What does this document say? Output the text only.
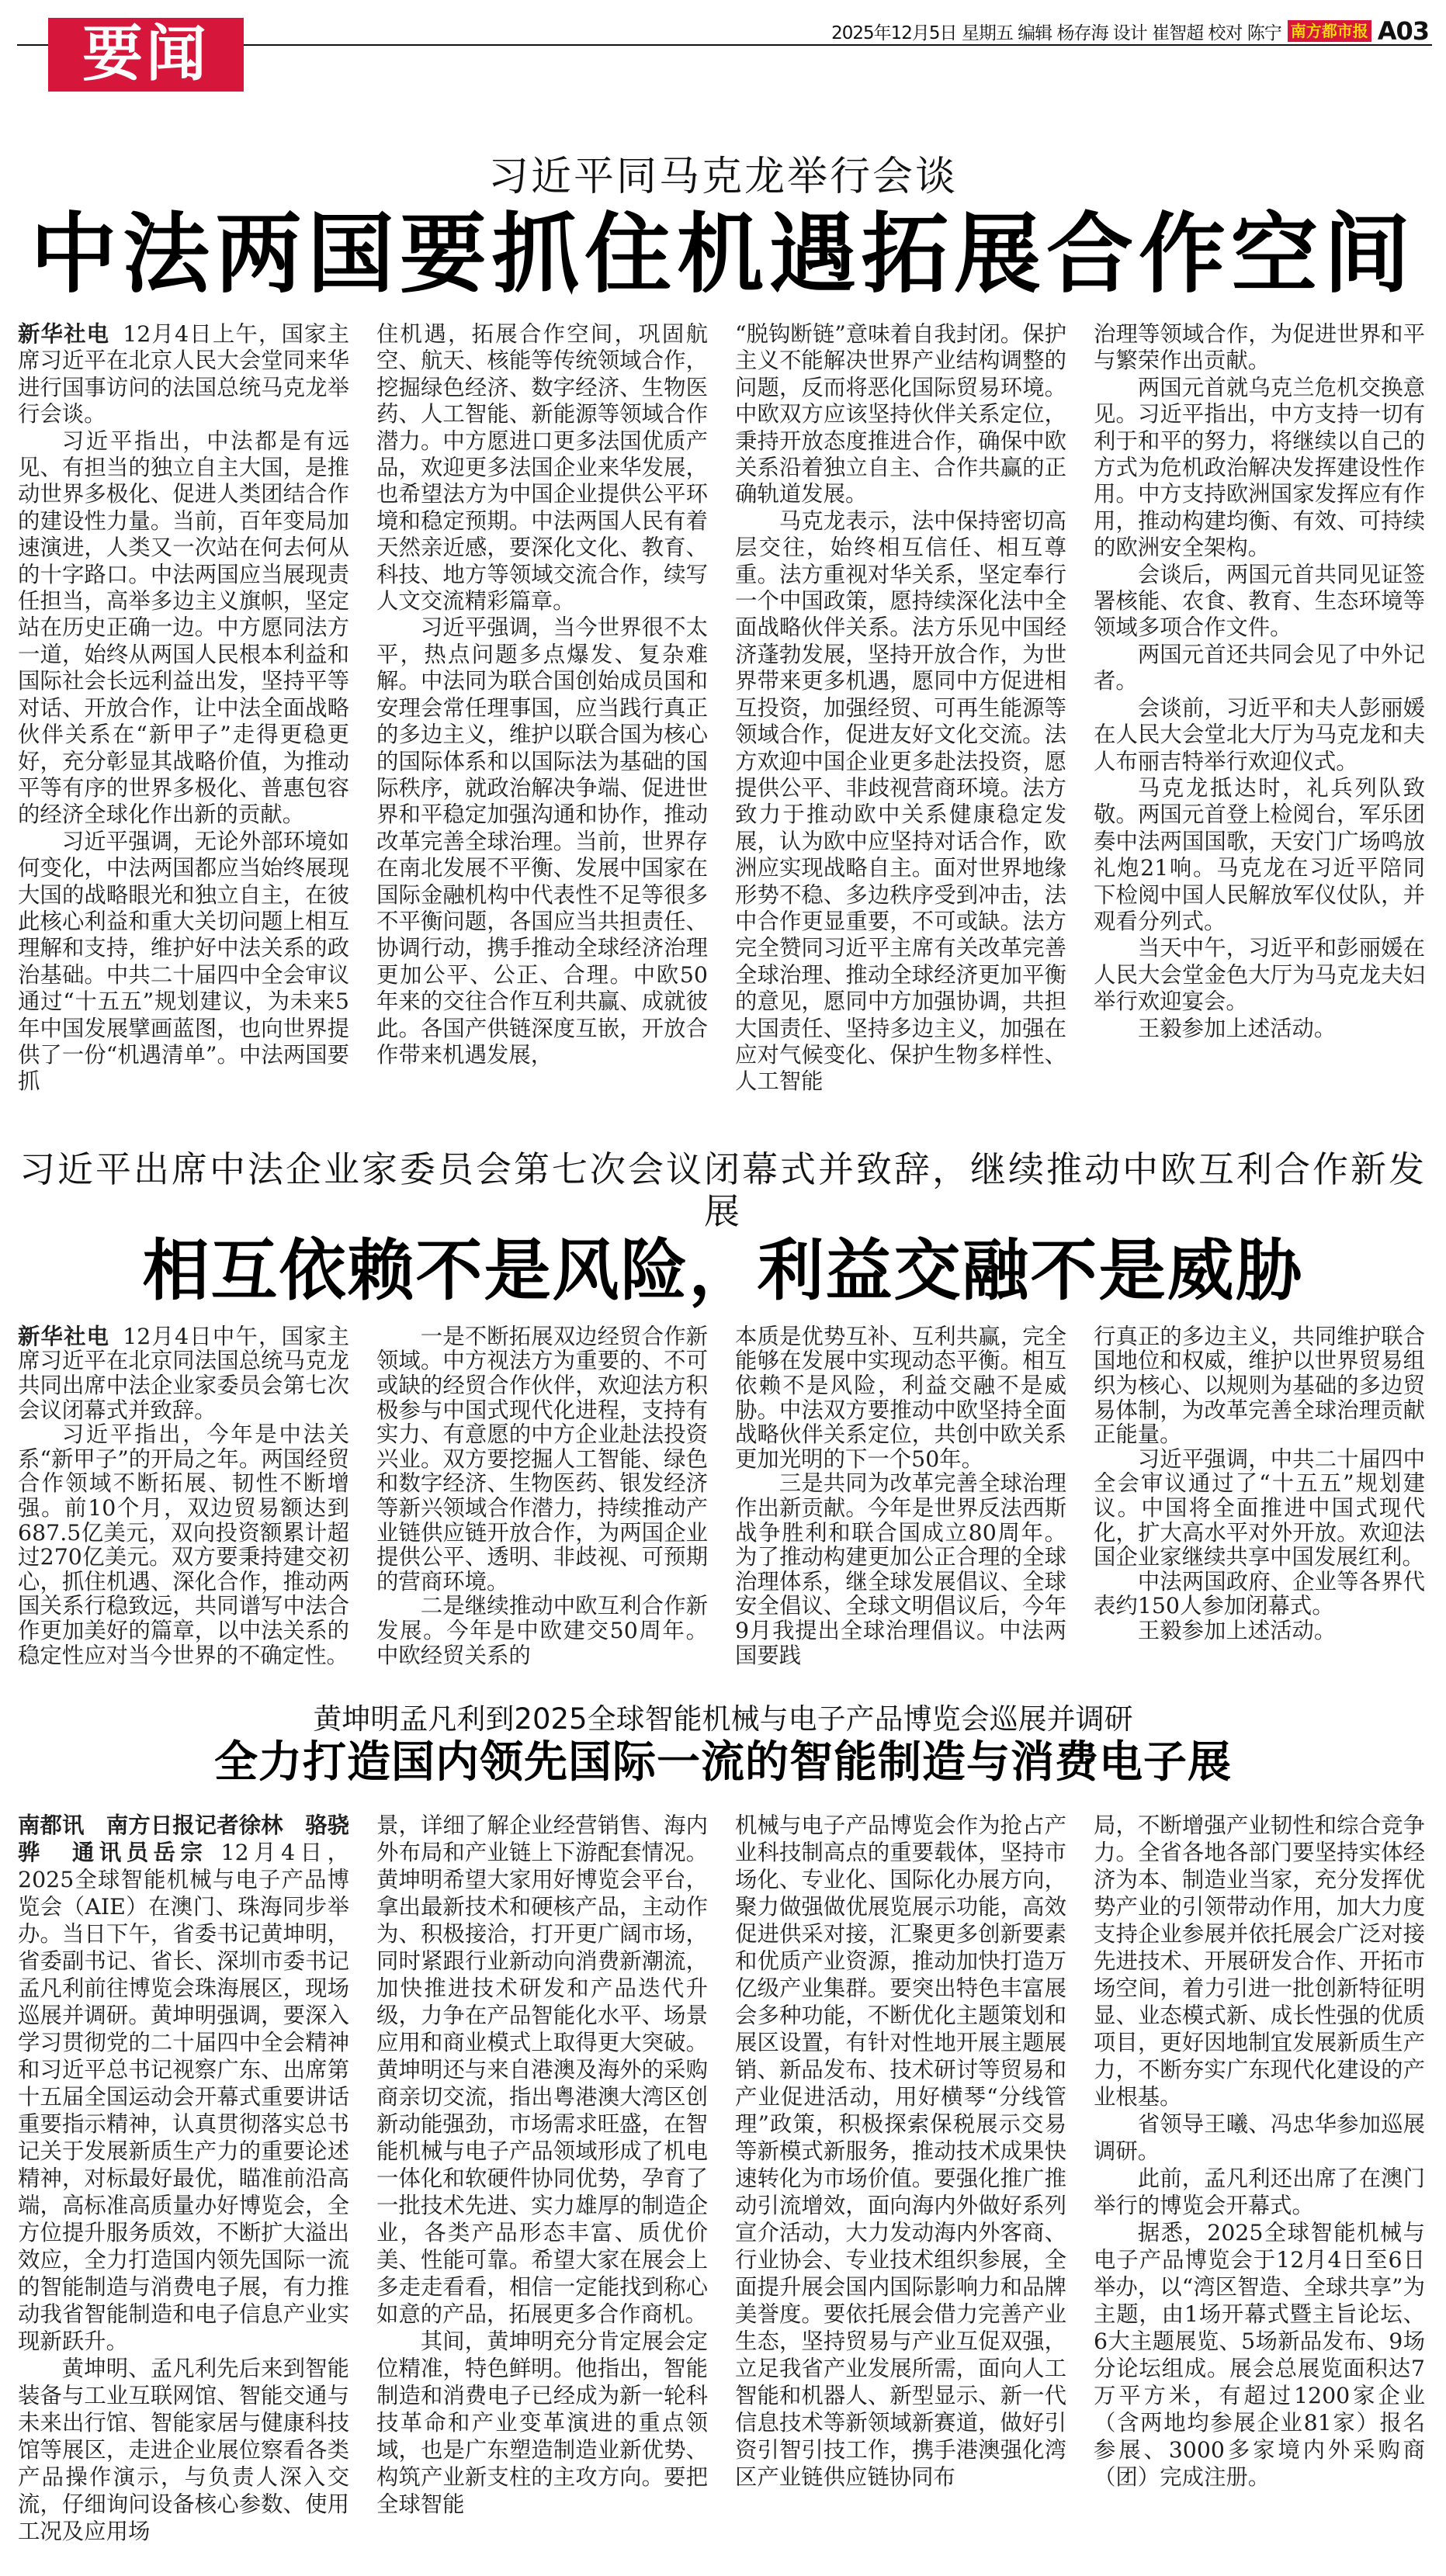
要闻	2025年12月5日 星期五 编辑 杨存海 设计 崔智超 校对 陈宁 南方都市报 A03
习近平同马克龙举行会谈
中法两国要抓住机遇拓展合作空间

新华社电 12月4日上午，国家主席习近平在北京人民大会堂同来华进行国事访问的法国总统马克龙举行会谈。

习近平指出，中法都是有远见、有担当的独立自主大国，是推动世界多极化、促进人类团结合作的建设性力量。当前，百年变局加速演进，人类又一次站在何去何从的十字路口。中法两国应当展现责任担当，高举多边主义旗帜，坚定站在历史正确一边。中方愿同法方一道，始终从两国人民根本利益和国际社会长远利益出发，坚持平等对话、开放合作，让中法全面战略伙伴关系在“新甲子”走得更稳更好，充分彰显其战略价值，为推动平等有序的世界多极化、普惠包容的经济全球化作出新的贡献。

习近平强调，无论外部环境如何变化，中法两国都应当始终展现大国的战略眼光和独立自主，在彼此核心利益和重大关切问题上相互理解和支持，维护好中法关系的政治基础。中共二十届四中全会审议通过“十五五”规划建议，为未来5年中国发展擘画蓝图，也向世界提供了一份“机遇清单”。中法两国要抓

住机遇，拓展合作空间，巩固航空、航天、核能等传统领域合作，挖掘绿色经济、数字经济、生物医药、人工智能、新能源等领域合作潜力。中方愿进口更多法国优质产品，欢迎更多法国企业来华发展，也希望法方为中国企业提供公平环境和稳定预期。中法两国人民有着天然亲近感，要深化文化、教育、科技、地方等领域交流合作，续写人文交流精彩篇章。

习近平强调，当今世界很不太平，热点问题多点爆发、复杂难解。中法同为联合国创始成员国和安理会常任理事国，应当践行真正的多边主义，维护以联合国为核心的国际体系和以国际法为基础的国际秩序，就政治解决争端、促进世界和平稳定加强沟通和协作，推动改革完善全球治理。当前，世界存在南北发展不平衡、发展中国家在国际金融机构中代表性不足等很多不平衡问题，各国应当共担责任、协调行动，携手推动全球经济治理更加公平、公正、合理。中欧50年来的交往合作互利共赢、成就彼此。各国产供链深度互嵌，开放合作带来机遇发展，

“脱钩断链”意味着自我封闭。保护主义不能解决世界产业结构调整的问题，反而将恶化国际贸易环境。中欧双方应该坚持伙伴关系定位，秉持开放态度推进合作，确保中欧关系沿着独立自主、合作共赢的正确轨道发展。

马克龙表示，法中保持密切高层交往，始终相互信任、相互尊重。法方重视对华关系，坚定奉行一个中国政策，愿持续深化法中全面战略伙伴关系。法方乐见中国经济蓬勃发展，坚持开放合作，为世界带来更多机遇，愿同中方促进相互投资，加强经贸、可再生能源等领域合作，促进友好文化交流。法方欢迎中国企业更多赴法投资，愿提供公平、非歧视营商环境。法方致力于推动欧中关系健康稳定发展，认为欧中应坚持对话合作，欧洲应实现战略自主。面对世界地缘形势不稳、多边秩序受到冲击，法中合作更显重要，不可或缺。法方完全赞同习近平主席有关改革完善全球治理、推动全球经济更加平衡的意见，愿同中方加强协调，共担大国责任、坚持多边主义，加强在应对气候变化、保护生物多样性、人工智能

治理等领域合作，为促进世界和平与繁荣作出贡献。

两国元首就乌克兰危机交换意见。习近平指出，中方支持一切有利于和平的努力，将继续以自己的方式为危机政治解决发挥建设性作用。中方支持欧洲国家发挥应有作用，推动构建均衡、有效、可持续的欧洲安全架构。

会谈后，两国元首共同见证签署核能、农食、教育、生态环境等领域多项合作文件。

两国元首还共同会见了中外记者。

会谈前，习近平和夫人彭丽媛在人民大会堂北大厅为马克龙和夫人布丽吉特举行欢迎仪式。

马克龙抵达时，礼兵列队致敬。两国元首登上检阅台，军乐团奏中法两国国歌，天安门广场鸣放礼炮21响。马克龙在习近平陪同下检阅中国人民解放军仪仗队，并观看分列式。

当天中午，习近平和彭丽媛在人民大会堂金色大厅为马克龙夫妇举行欢迎宴会。

王毅参加上述活动。

习近平出席中法企业家委员会第七次会议闭幕式并致辞，继续推动中欧互利合作新发展
相互依赖不是风险，利益交融不是威胁

新华社电 12月4日中午，国家主席习近平在北京同法国总统马克龙共同出席中法企业家委员会第七次会议闭幕式并致辞。

习近平指出，今年是中法关系“新甲子”的开局之年。两国经贸合作领域不断拓展、韧性不断增强。前10个月，双边贸易额达到687.5亿美元，双向投资额累计超过270亿美元。双方要秉持建交初心，抓住机遇、深化合作，推动两国关系行稳致远，共同谱写中法合作更加美好的篇章，以中法关系的稳定性应对当今世界的不确定性。

一是不断拓展双边经贸合作新领域。中方视法方为重要的、不可或缺的经贸合作伙伴，欢迎法方积极参与中国式现代化进程，支持有实力、有意愿的中方企业赴法投资兴业。双方要挖掘人工智能、绿色和数字经济、生物医药、银发经济等新兴领域合作潜力，持续推动产业链供应链开放合作，为两国企业提供公平、透明、非歧视、可预期的营商环境。

二是继续推动中欧互利合作新发展。今年是中欧建交50周年。中欧经贸关系的

本质是优势互补、互利共赢，完全能够在发展中实现动态平衡。相互依赖不是风险，利益交融不是威胁。中法双方要推动中欧坚持全面战略伙伴关系定位，共创中欧关系更加光明的下一个50年。

三是共同为改革完善全球治理作出新贡献。今年是世界反法西斯战争胜利和联合国成立80周年。为了推动构建更加公正合理的全球治理体系，继全球发展倡议、全球安全倡议、全球文明倡议后，今年9月我提出全球治理倡议。中法两国要践

行真正的多边主义，共同维护联合国地位和权威，维护以世界贸易组织为核心、以规则为基础的多边贸易体制，为改革完善全球治理贡献正能量。

习近平强调，中共二十届四中全会审议通过了“十五五”规划建议。中国将全面推进中国式现代化，扩大高水平对外开放。欢迎法国企业家继续共享中国发展红利。

中法两国政府、企业等各界代表约150人参加闭幕式。

王毅参加上述活动。

黄坤明孟凡利到2025全球智能机械与电子产品博览会巡展并调研
全力打造国内领先国际一流的智能制造与消费电子展

南都讯　南方日报记者徐林　骆骁骅　通讯员岳宗 12月4日，2025全球智能机械与电子产品博览会（AIE）在澳门、珠海同步举办。当日下午，省委书记黄坤明，省委副书记、省长、深圳市委书记孟凡利前往博览会珠海展区，现场巡展并调研。黄坤明强调，要深入学习贯彻党的二十届四中全会精神和习近平总书记视察广东、出席第十五届全国运动会开幕式重要讲话重要指示精神，认真贯彻落实总书记关于发展新质生产力的重要论述精神，对标最好最优，瞄准前沿高端，高标准高质量办好博览会，全方位提升服务质效，不断扩大溢出效应，全力打造国内领先国际一流的智能制造与消费电子展，有力推动我省智能制造和电子信息产业实现新跃升。

黄坤明、孟凡利先后来到智能装备与工业互联网馆、智能交通与未来出行馆、智能家居与健康科技馆等展区，走进企业展位察看各类产品操作演示，与负责人深入交流，仔细询问设备核心参数、使用工况及应用场

景，详细了解企业经营销售、海内外布局和产业链上下游配套情况。黄坤明希望大家用好博览会平台，拿出最新技术和硬核产品，主动作为、积极接洽，打开更广阔市场，同时紧跟行业新动向消费新潮流，加快推进技术研发和产品迭代升级，力争在产品智能化水平、场景应用和商业模式上取得更大突破。黄坤明还与来自港澳及海外的采购商亲切交流，指出粤港澳大湾区创新动能强劲，市场需求旺盛，在智能机械与电子产品领域形成了机电一体化和软硬件协同优势，孕育了一批技术先进、实力雄厚的制造企业，各类产品形态丰富、质优价美、性能可靠。希望大家在展会上多走走看看，相信一定能找到称心如意的产品，拓展更多合作商机。

其间，黄坤明充分肯定展会定位精准，特色鲜明。他指出，智能制造和消费电子已经成为新一轮科技革命和产业变革演进的重点领域，也是广东塑造制造业新优势、构筑产业新支柱的主攻方向。要把全球智能

机械与电子产品博览会作为抢占产业科技制高点的重要载体，坚持市场化、专业化、国际化办展方向，聚力做强做优展览展示功能，高效促进供采对接，汇聚更多创新要素和优质产业资源，推动加快打造万亿级产业集群。要突出特色丰富展会多种功能，不断优化主题策划和展区设置，有针对性地开展主题展销、新品发布、技术研讨等贸易和产业促进活动，用好横琴“分线管理”政策，积极探索保税展示交易等新模式新服务，推动技术成果快速转化为市场价值。要强化推广推动引流增效，面向海内外做好系列宣介活动，大力发动海内外客商、行业协会、专业技术组织参展，全面提升展会国内国际影响力和品牌美誉度。要依托展会借力完善产业生态，坚持贸易与产业互促双强，立足我省产业发展所需，面向人工智能和机器人、新型显示、新一代信息技术等新领域新赛道，做好引资引智引技工作，携手港澳强化湾区产业链供应链协同布

局，不断增强产业韧性和综合竞争力。全省各地各部门要坚持实体经济为本、制造业当家，充分发挥优势产业的引领带动作用，加大力度支持企业参展并依托展会广泛对接先进技术、开展研发合作、开拓市场空间，着力引进一批创新特征明显、业态模式新、成长性强的优质项目，更好因地制宜发展新质生产力，不断夯实广东现代化建设的产业根基。

省领导王曦、冯忠华参加巡展调研。

此前，孟凡利还出席了在澳门举行的博览会开幕式。

据悉，2025全球智能机械与电子产品博览会于12月4日至6日举办，以“湾区智造、全球共享”为主题，由1场开幕式暨主旨论坛、6大主题展览、5场新品发布、9场分论坛组成。展会总展览面积达7万平方米，有超过1200家企业（含两地均参展企业81家）报名参展、3000多家境内外采购商（团）完成注册。
